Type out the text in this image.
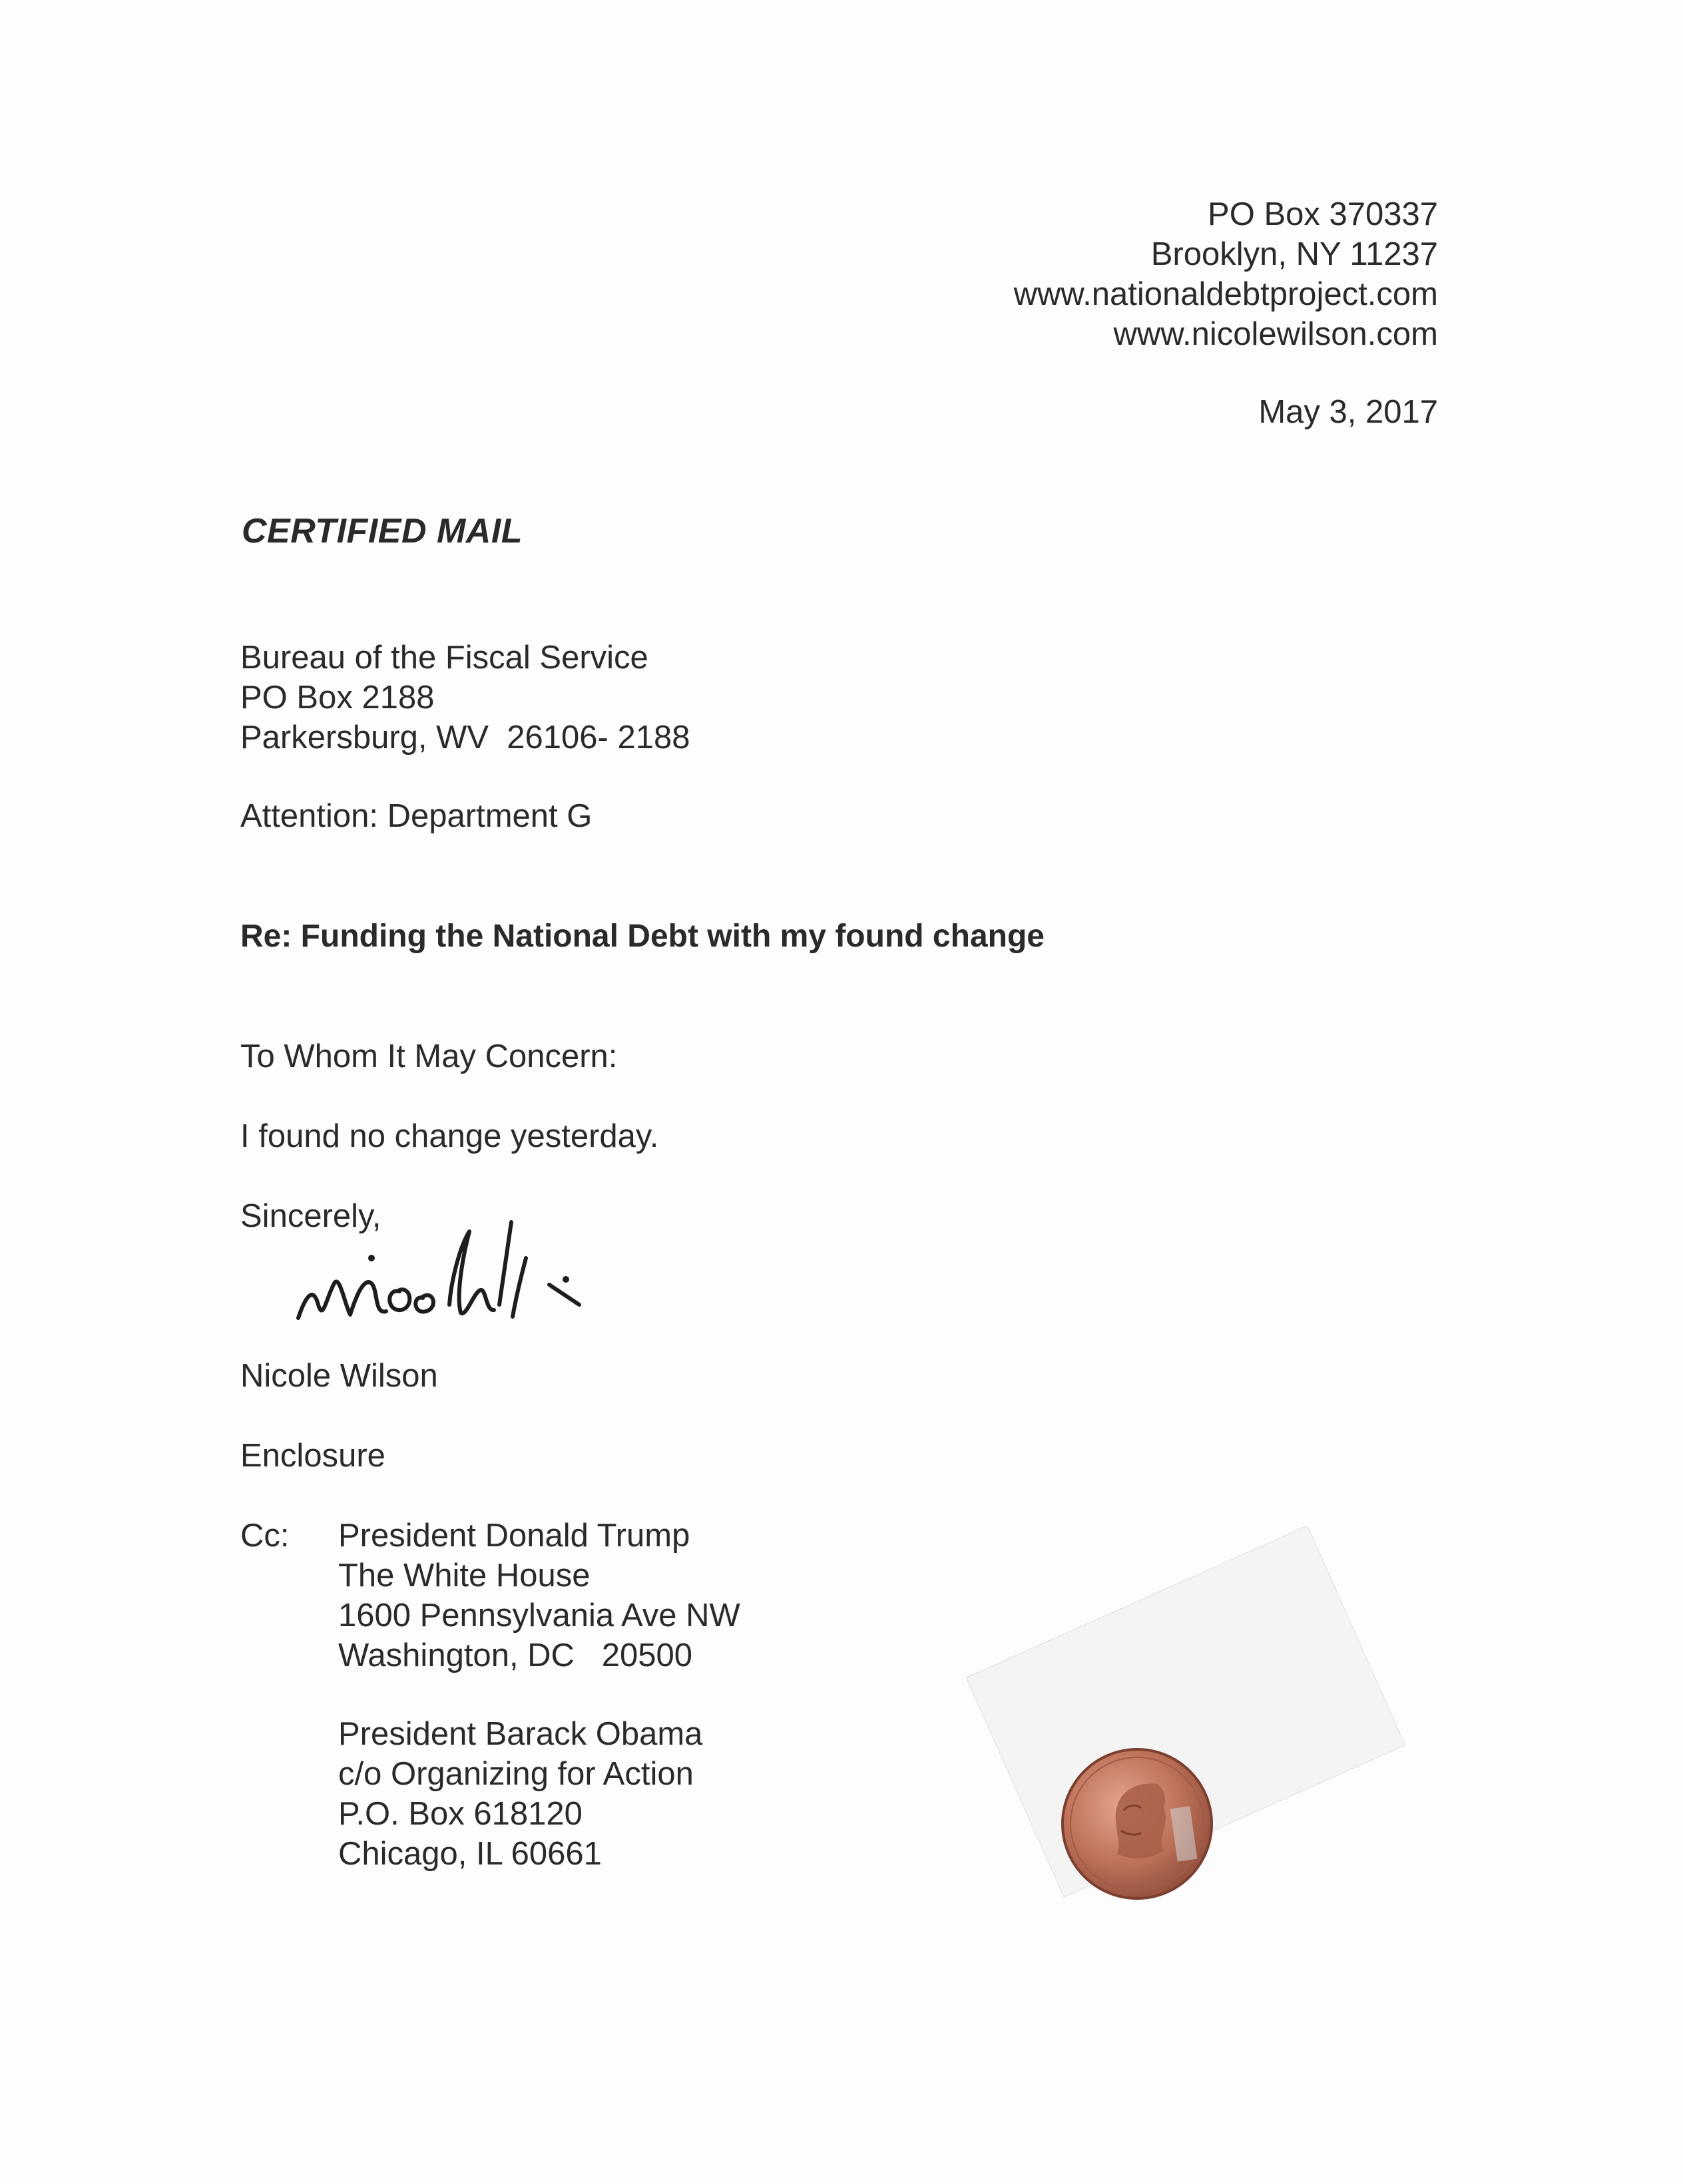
PO Box 370337
Brooklyn, NY 11237
www.nationaldebtproject.com
www.nicolewilson.com
May 3, 2017
CERTIFIED MAIL
Bureau of the Fiscal Service
PO Box 2188
Parkersburg, WV  26106- 2188
Attention: Department G
Re: Funding the National Debt with my found change
To Whom It May Concern:
I found no change yesterday.
Sincerely,
Nicole Wilson
Enclosure
Cc: President Donald Trump
The White House
1600 Pennsylvania Ave NW
Washington, DC   20500
President Barack Obama
c/o Organizing for Action
P.O. Box 618120
Chicago, IL 60661
